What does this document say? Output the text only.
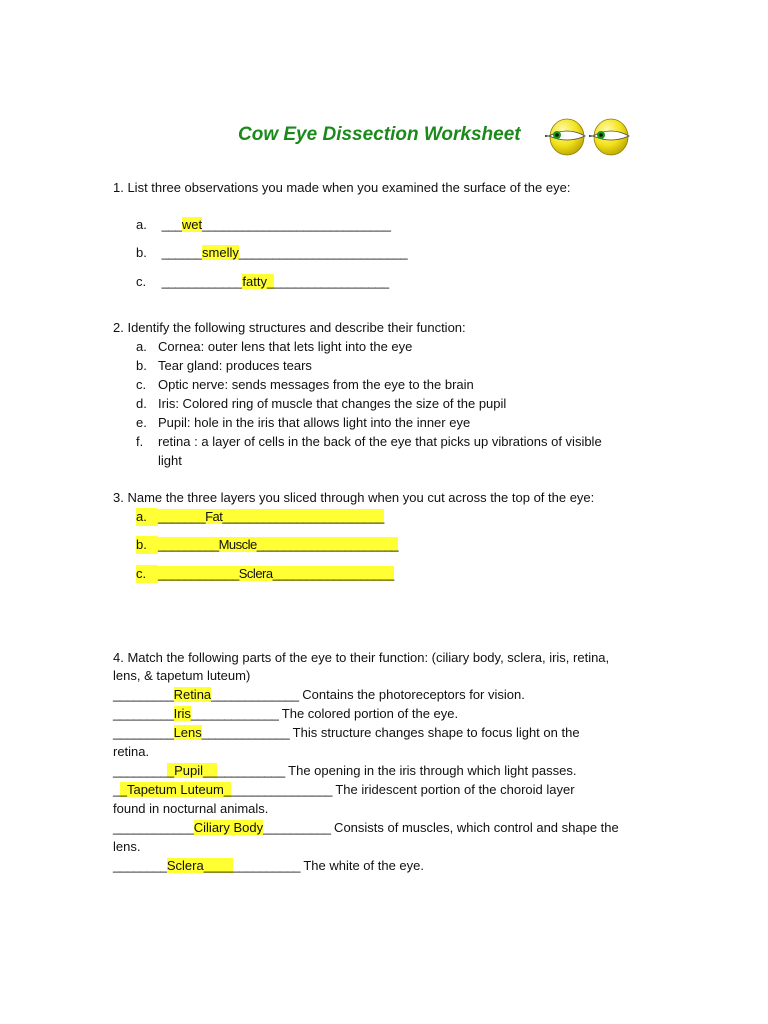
Cow Eye Dissection Worksheet
1. List three observations you made when you examined the surface of the eye:
a. ___wet____________________________
b. ______smelly_________________________
c. ____________fatty__________________
2. Identify the following structures and describe their function:
a. Cornea: outer lens that lets light into the eye
b. Tear gland: produces tears
c. Optic nerve: sends messages from the eye to the brain
d. Iris: Colored ring of muscle that changes the size of the pupil
e. Pupil: hole in the iris that allows light into the inner eye
f. retina : a layer of cells in the back of the eye that picks up vibrations of visible
light
3. Name the three layers you sliced through when you cut across the top of the eye:
a. _______Fat________________________
b. _________Muscle_____________________
c. ____________Sclera__________________
4. Match the following parts of the eye to their function: (ciliary body, sclera, iris, retina,
lens, & tapetum luteum)
_________Retina_____________ Contains the photoreceptors for vision.
_________Iris_____________ The colored portion of the eye.
_________Lens_____________ This structure changes shape to focus light on the
retina.
_________Pupil____________ The opening in the iris through which light passes.
__Tapetum Luteum________________ The iridescent portion of the choroid layer
found in nocturnal animals.
____________Ciliary Body__________ Consists of muscles, which control and shape the
lens.
________Sclera______________ The white of the eye.
